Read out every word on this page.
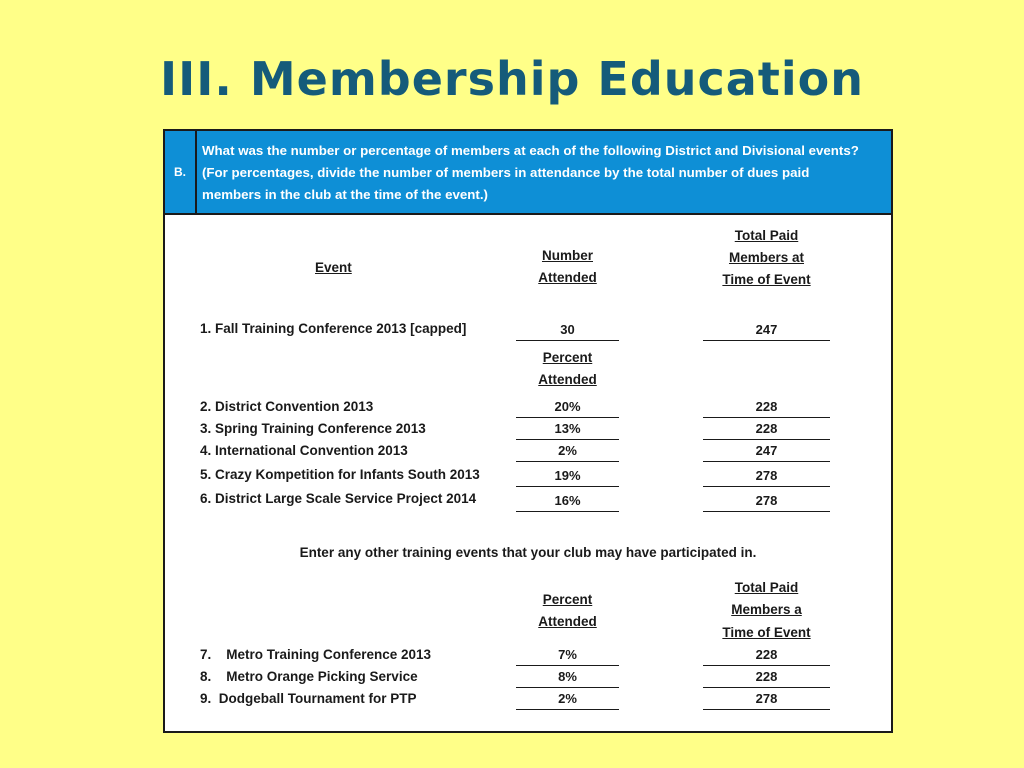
III. Membership Education
B.
What was the number or percentage of members at each of the following District and Divisional events? (For percentages, divide the number of members in attendance by the total number of dues paid members in the club at the time of the event.)
Event
Number
Attended
Total Paid
Members at
Time of Event
1. Fall Training Conference 2013 [capped]	30	247
Percent
Attended
2. District Convention 2013	20%	228
3. Spring Training Conference 2013	13%	228
4. International Convention 2013	2%	247
5. Crazy Kompetition for Infants South 2013	19%	278
6. District Large Scale Service Project 2014	16%	278
Enter any other training events that your club may have participated in.
Percent
Attended
Total Paid
Members a
Time of Event
7.    Metro Training Conference 2013	7%	228
8.    Metro Orange Picking Service	8%	228
9.  Dodgeball Tournament for PTP	2%	278
